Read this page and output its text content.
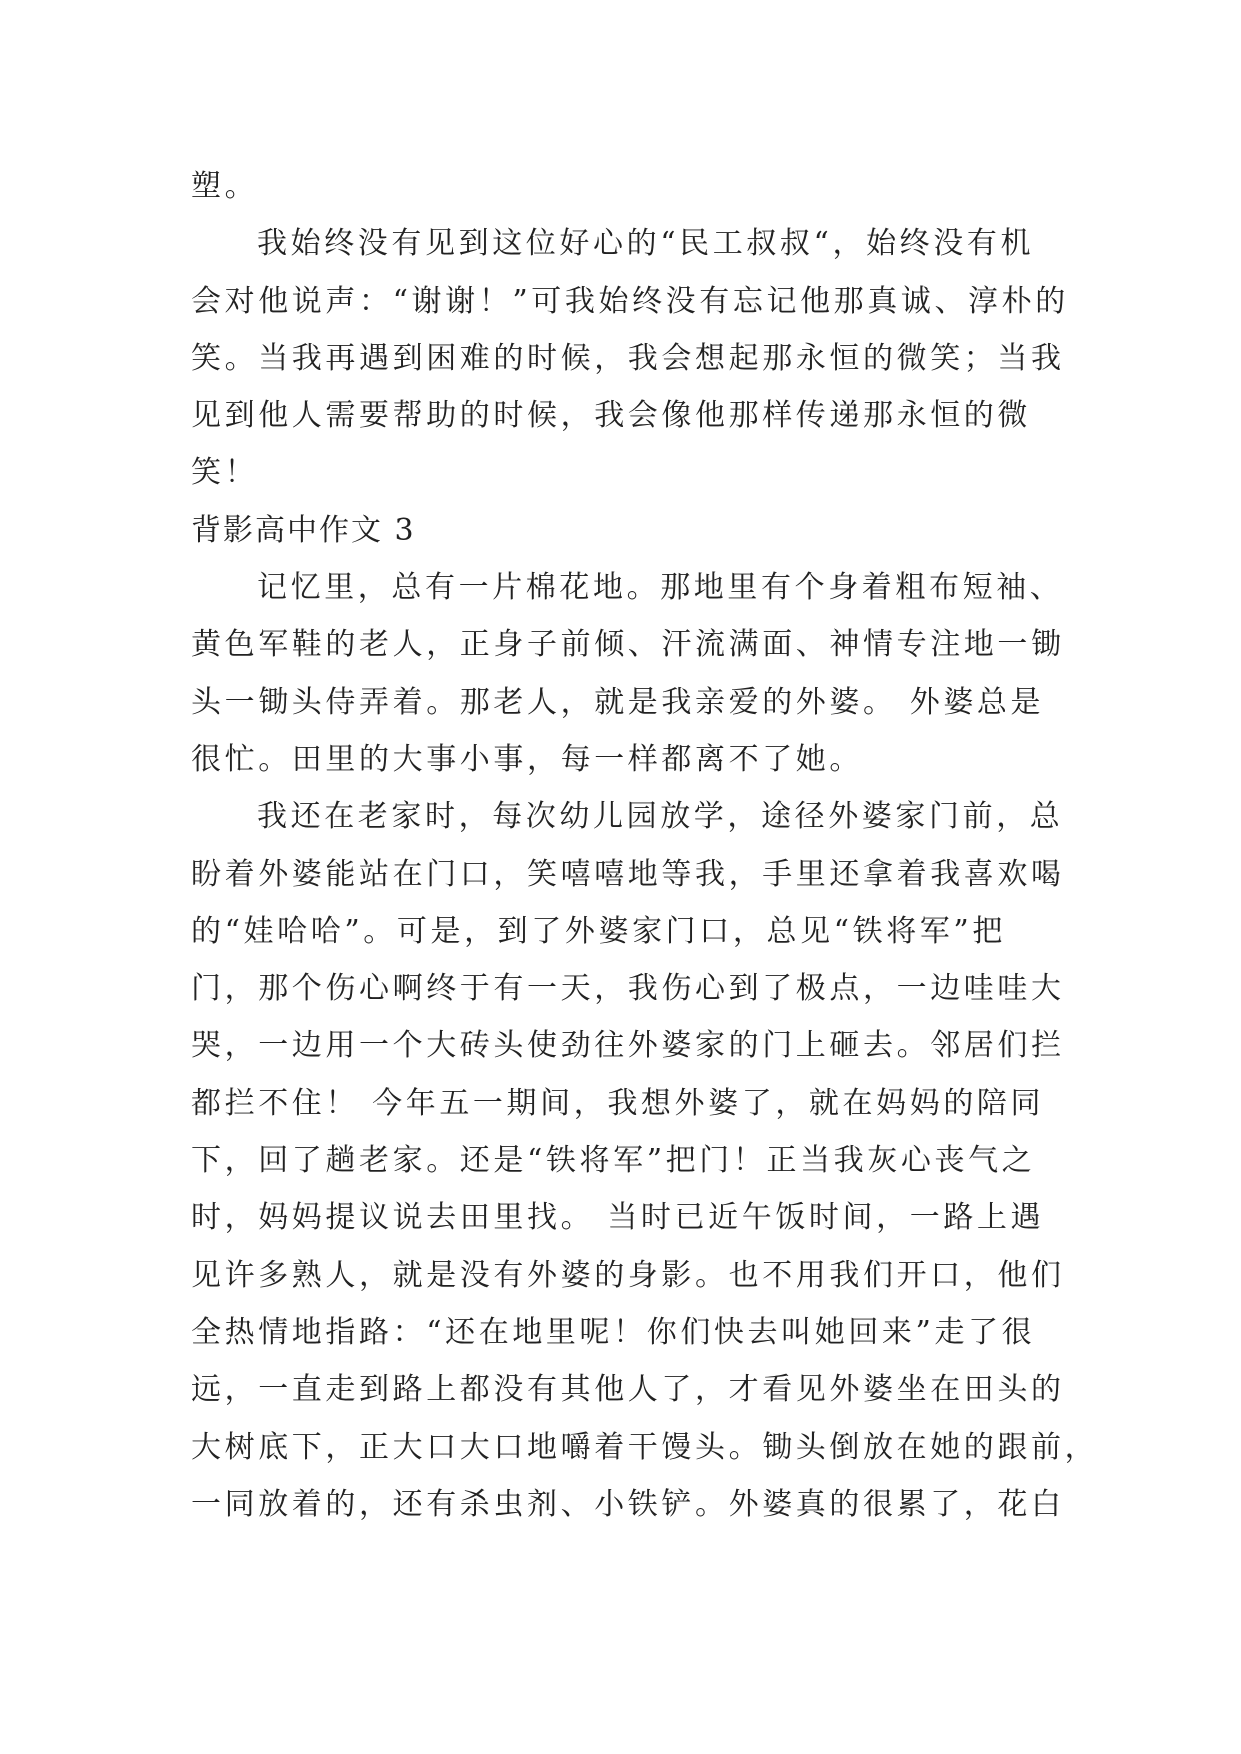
塑。
我始终没有见到这位好心的“民工叔叔“，始终没有机
会对他说声：“谢谢！”可我始终没有忘记他那真诚、淳朴的
笑。当我再遇到困难的时候，我会想起那永恒的微笑；当我
见到他人需要帮助的时候，我会像他那样传递那永恒的微
笑！
背影高中作文 3
记忆里，总有一片棉花地。那地里有个身着粗布短袖、
黄色军鞋的老人，正身子前倾、汗流满面、神情专注地一锄
头一锄头侍弄着。那老人，就是我亲爱的外婆。 外婆总是
很忙。田里的大事小事，每一样都离不了她。
我还在老家时，每次幼儿园放学，途径外婆家门前，总
盼着外婆能站在门口，笑嘻嘻地等我，手里还拿着我喜欢喝
的“娃哈哈”。可是，到了外婆家门口，总见“铁将军”把
门，那个伤心啊终于有一天，我伤心到了极点，一边哇哇大
哭，一边用一个大砖头使劲往外婆家的门上砸去。邻居们拦
都拦不住！ 今年五一期间，我想外婆了，就在妈妈的陪同
下，回了趟老家。还是“铁将军”把门！正当我灰心丧气之
时，妈妈提议说去田里找。 当时已近午饭时间，一路上遇
见许多熟人，就是没有外婆的身影。也不用我们开口，他们
全热情地指路：“还在地里呢！你们快去叫她回来”走了很
远，一直走到路上都没有其他人了，才看见外婆坐在田头的
大树底下，正大口大口地嚼着干馒头。锄头倒放在她的跟前，
一同放着的，还有杀虫剂、小铁铲。外婆真的很累了，花白
